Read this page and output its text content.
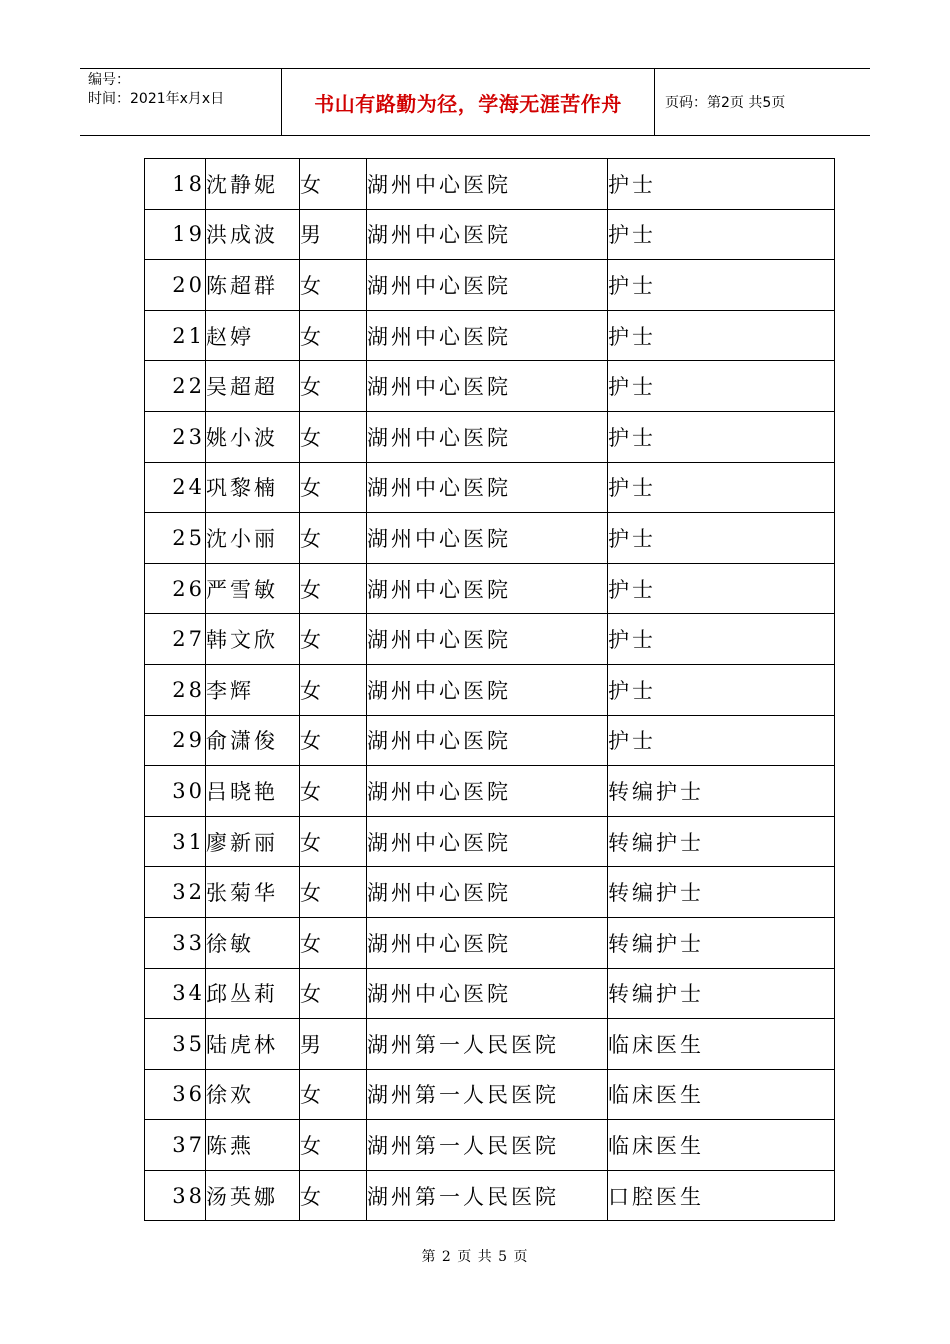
编号：
时间：2021年x月x日	书山有路勤为径，学海无涯苦作舟	页码：第2页 共5页
18	沈静妮	女	湖州中心医院	护士
19	洪成波	男	湖州中心医院	护士
20	陈超群	女	湖州中心医院	护士
21	赵婷	女	湖州中心医院	护士
22	吴超超	女	湖州中心医院	护士
23	姚小波	女	湖州中心医院	护士
24	巩黎楠	女	湖州中心医院	护士
25	沈小丽	女	湖州中心医院	护士
26	严雪敏	女	湖州中心医院	护士
27	韩文欣	女	湖州中心医院	护士
28	李辉	女	湖州中心医院	护士
29	俞潇俊	女	湖州中心医院	护士
30	吕晓艳	女	湖州中心医院	转编护士
31	廖新丽	女	湖州中心医院	转编护士
32	张菊华	女	湖州中心医院	转编护士
33	徐敏	女	湖州中心医院	转编护士
34	邱丛莉	女	湖州中心医院	转编护士
35	陆虎林	男	湖州第一人民医院	临床医生
36	徐欢	女	湖州第一人民医院	临床医生
37	陈燕	女	湖州第一人民医院	临床医生
38	汤英娜	女	湖州第一人民医院	口腔医生
第 2 页 共 5 页
